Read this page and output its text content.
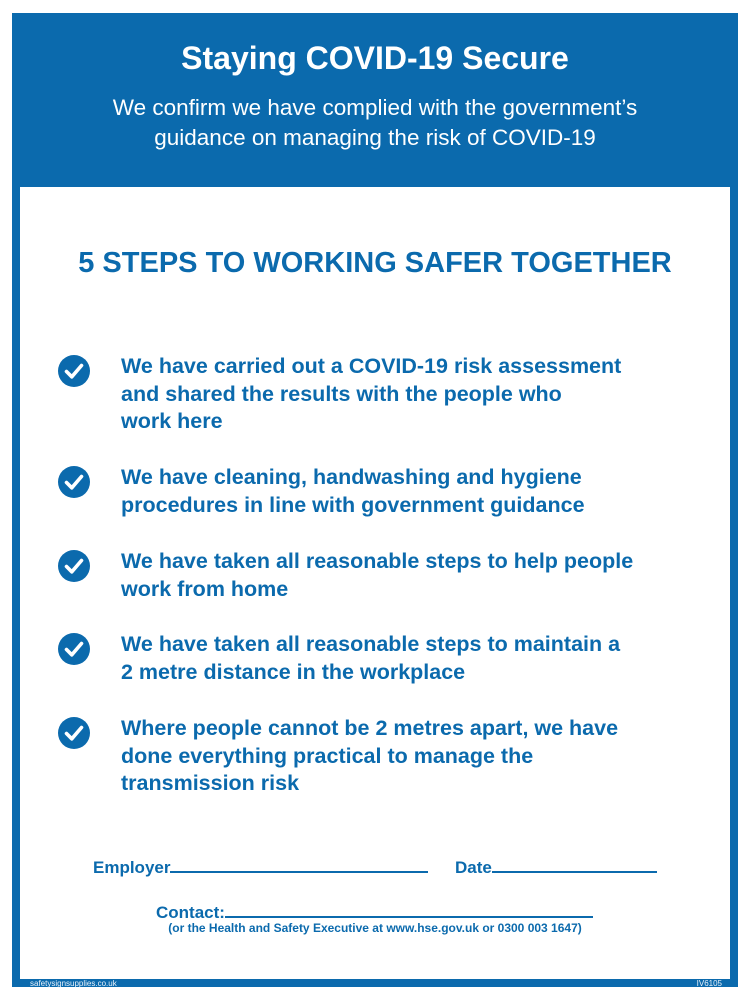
Staying COVID-19 Secure

We confirm we have complied with the government’s
guidance on managing the risk of COVID-19

5 STEPS TO WORKING SAFER TOGETHER

We have carried out a COVID-19 risk assessment
and shared the results with the people who
work here

We have cleaning, handwashing and hygiene
procedures in line with government guidance

We have taken all reasonable steps to help people
work from home

We have taken all reasonable steps to maintain a
2 metre distance in the workplace

Where people cannot be 2 metres apart, we have
done everything practical to manage the
transmission risk

Employer	Date
Contact:

(or the Health and Safety Executive at www.hse.gov.uk or 0300 003 1647)

safetysignsupplies.co.uk	IV6105
